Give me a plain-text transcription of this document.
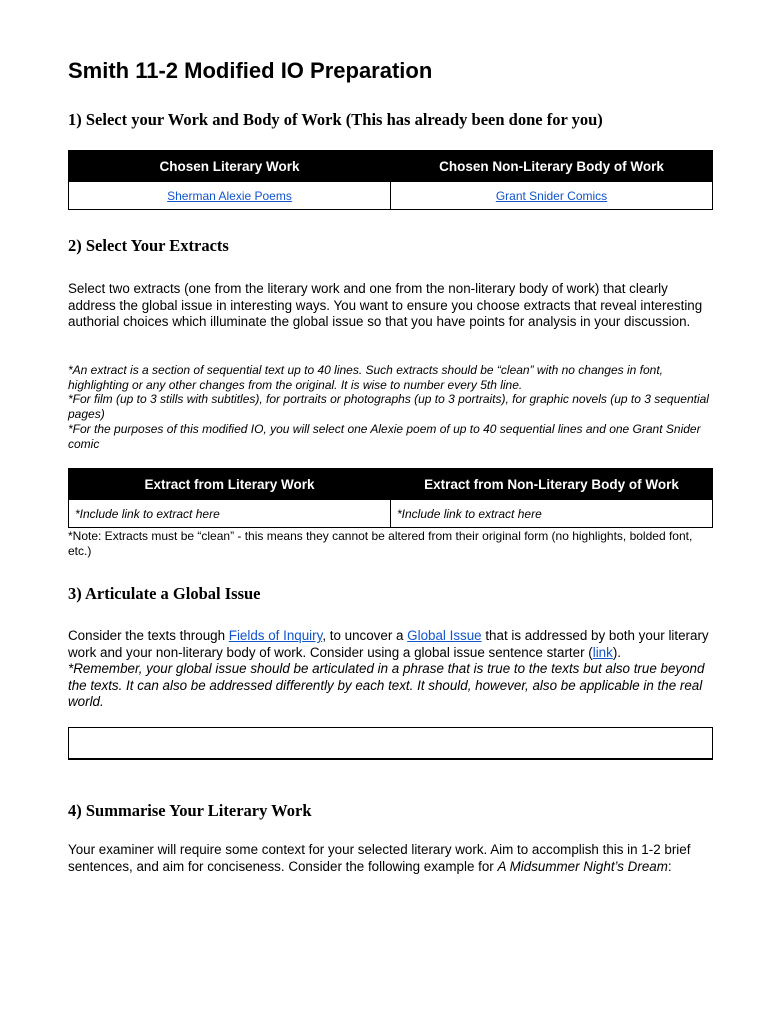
Smith 11-2 Modified IO Preparation
1) Select your Work and Body of Work (This has already been done for you)
Chosen Literary Work	Chosen Non-Literary Body of Work
Sherman Alexie Poems	Grant Snider Comics
2) Select Your Extracts

Select two extracts (one from the literary work and one from the non-literary body of work) that clearly address the global issue in interesting ways. You want to ensure you choose extracts that reveal interesting authorial choices which illuminate the global issue so that you have points for analysis in your discussion.

*An extract is a section of sequential text up to 40 lines. Such extracts should be “clean” with no changes in font, highlighting or any other changes from the original. It is wise to number every 5th line.

*For film (up to 3 stills with subtitles), for portraits or photographs (up to 3 portraits), for graphic novels (up to 3 sequential pages)

*For the purposes of this modified IO, you will select one Alexie poem of up to 40 sequential lines and one Grant Snider comic

Extract from Literary Work	Extract from Non-Literary Body of Work
*Include link to extract here	*Include link to extract here

*Note: Extracts must be “clean” - this means they cannot be altered from their original form (no highlights, bolded font, etc.)

3) Articulate a Global Issue

Consider the texts through Fields of Inquiry, to uncover a Global Issue that is addressed by both your literary work and your non-literary body of work. Consider using a global issue sentence starter (link).
*Remember, your global issue should be articulated in a phrase that is true to the texts but also true beyond the texts. It can also be addressed differently by each text. It should, however, also be applicable in the real world.

4) Summarise Your Literary Work

Your examiner will require some context for your selected literary work. Aim to accomplish this in 1-2 brief sentences, and aim for conciseness. Consider the following example for A Midsummer Night’s Dream:
